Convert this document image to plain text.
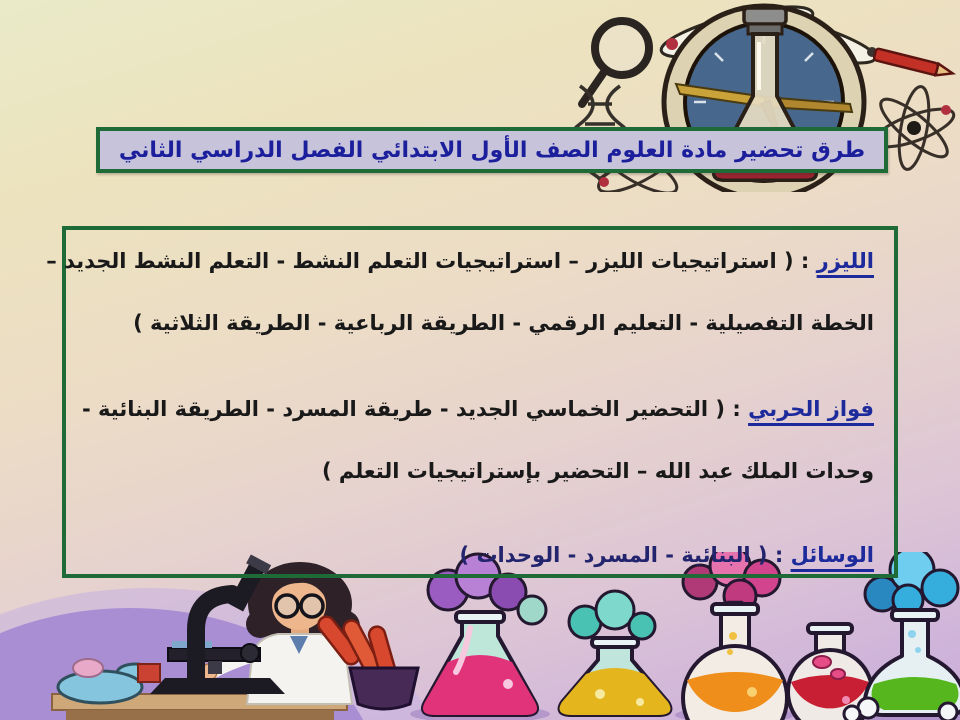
طرق تحضير مادة العلوم الصف الأول الابتدائي الفصل الدراسي الثاني
الليزر : ( استراتيجيات الليزر – استراتيجيات التعلم النشط - التعلم النشط الجديد –
الخطة التفصيلية - التعليم الرقمي - الطريقة الرباعية - الطريقة الثلاثية )
فواز الحربي : ( التحضير الخماسي الجديد - طريقة المسرد - الطريقة البنائية -
وحدات الملك عبد الله – التحضير بإستراتيجيات التعلم )
الوسائل : ( البنائية - المسرد - الوحدات )
